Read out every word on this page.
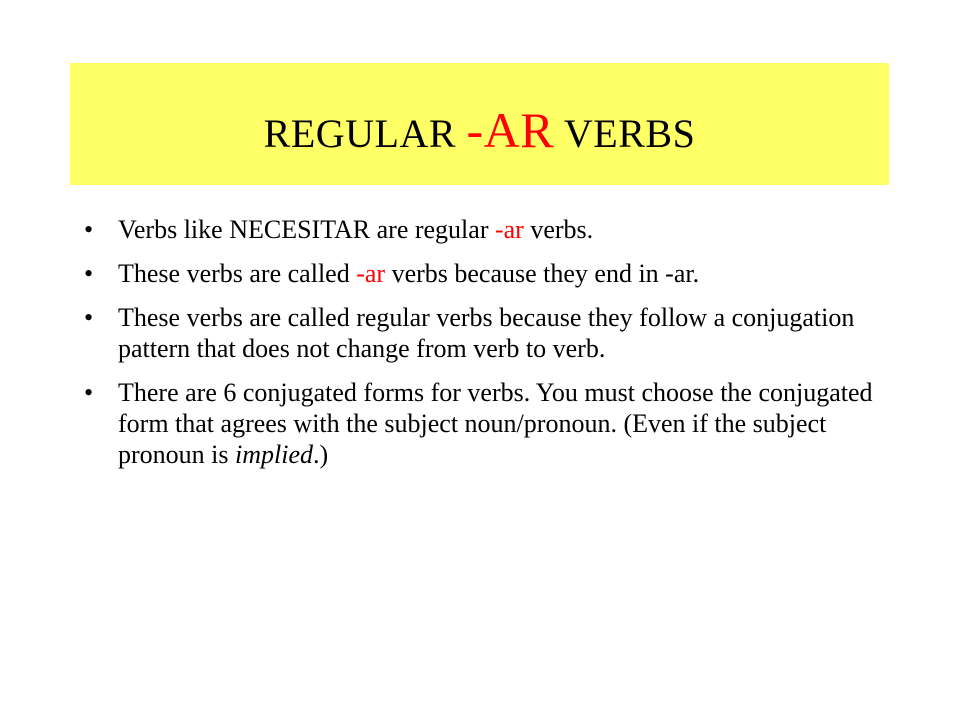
REGULAR -AR VERBS
• Verbs like NECESITAR are regular -ar verbs.
• These verbs are called -ar verbs because they end in -ar.
• These verbs are called regular verbs because they follow a conjugation pattern that does not change from verb to verb.
• There are 6 conjugated forms for verbs. You must choose the conjugated form that agrees with the subject noun/pronoun. (Even if the subject pronoun is implied.)
